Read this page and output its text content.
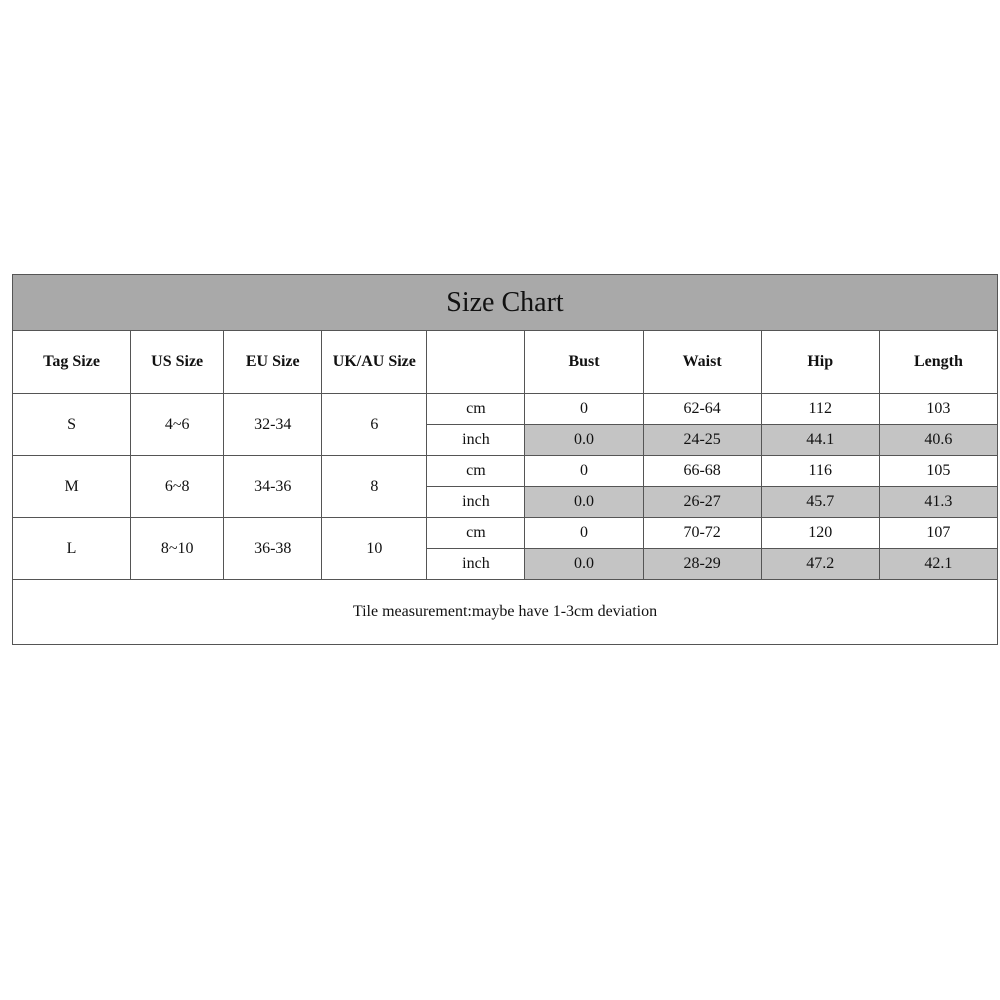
Size Chart								
Tag Size	US Size	EU Size	UK/AU Size		Bust	Waist	Hip	Length
S	4~6	32-34	6	cm	0	62-64	112	103
				inch	0.0	24-25	44.1	40.6
M	6~8	34-36	8	cm	0	66-68	116	105
				inch	0.0	26-27	45.7	41.3
L	8~10	36-38	10	cm	0	70-72	120	107
				inch	0.0	28-29	47.2	42.1
Tile measurement:maybe have 1-3cm deviation								
